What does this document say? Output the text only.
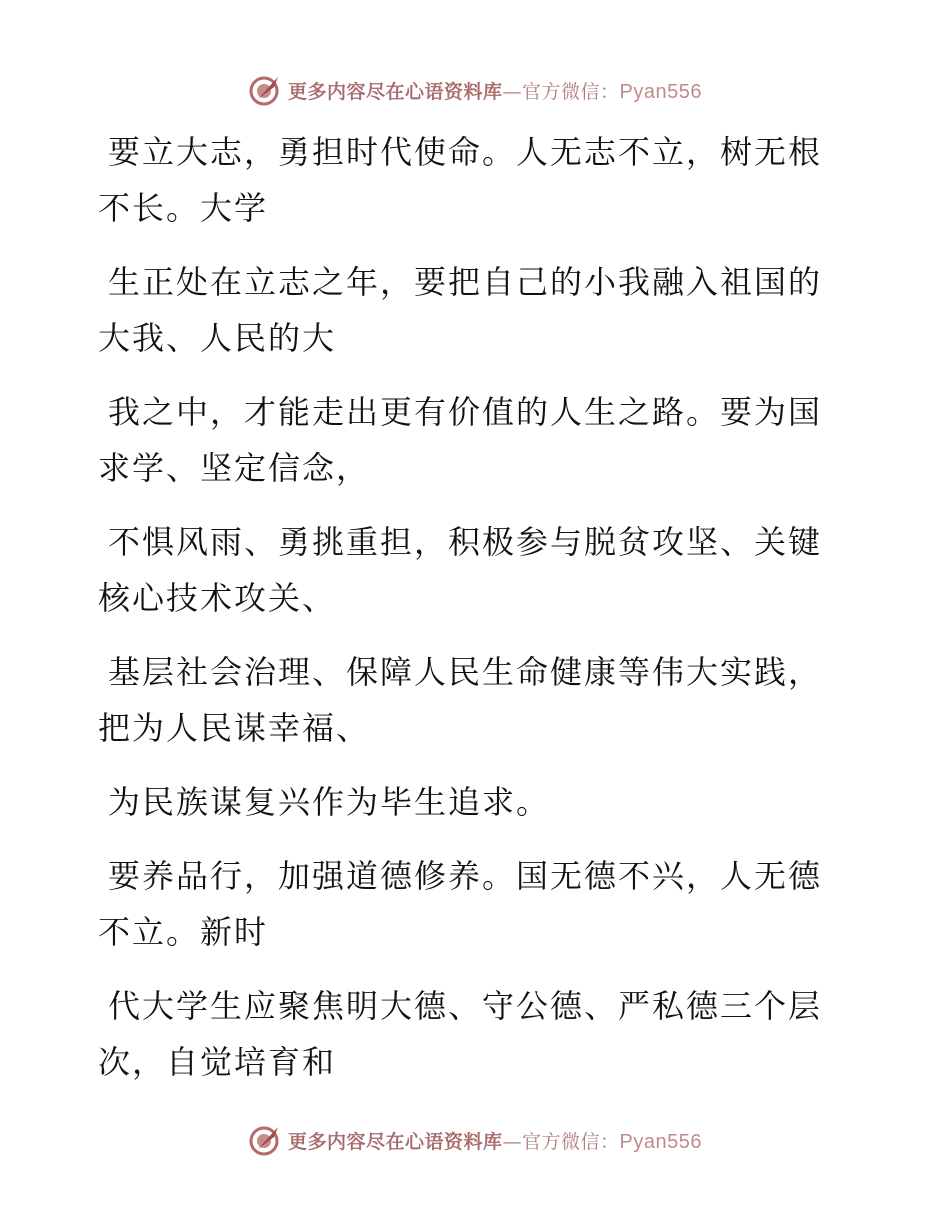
更多内容尽在心语资料库—官方微信：Pyan556

要立大志，勇担时代使命。人无志不立，树无根
不长。大学

生正处在立志之年，要把自己的小我融入祖国的
大我、人民的大

我之中，才能走出更有价值的人生之路。要为国
求学、坚定信念，

不惧风雨、勇挑重担，积极参与脱贫攻坚、关键
核心技术攻关、

基层社会治理、保障人民生命健康等伟大实践，
把为人民谋幸福、

为民族谋复兴作为毕生追求。

要养品行，加强道德修养。国无德不兴，人无德
不立。新时

代大学生应聚焦明大德、守公德、严私德三个层
次，自觉培育和

更多内容尽在心语资料库—官方微信：Pyan556
